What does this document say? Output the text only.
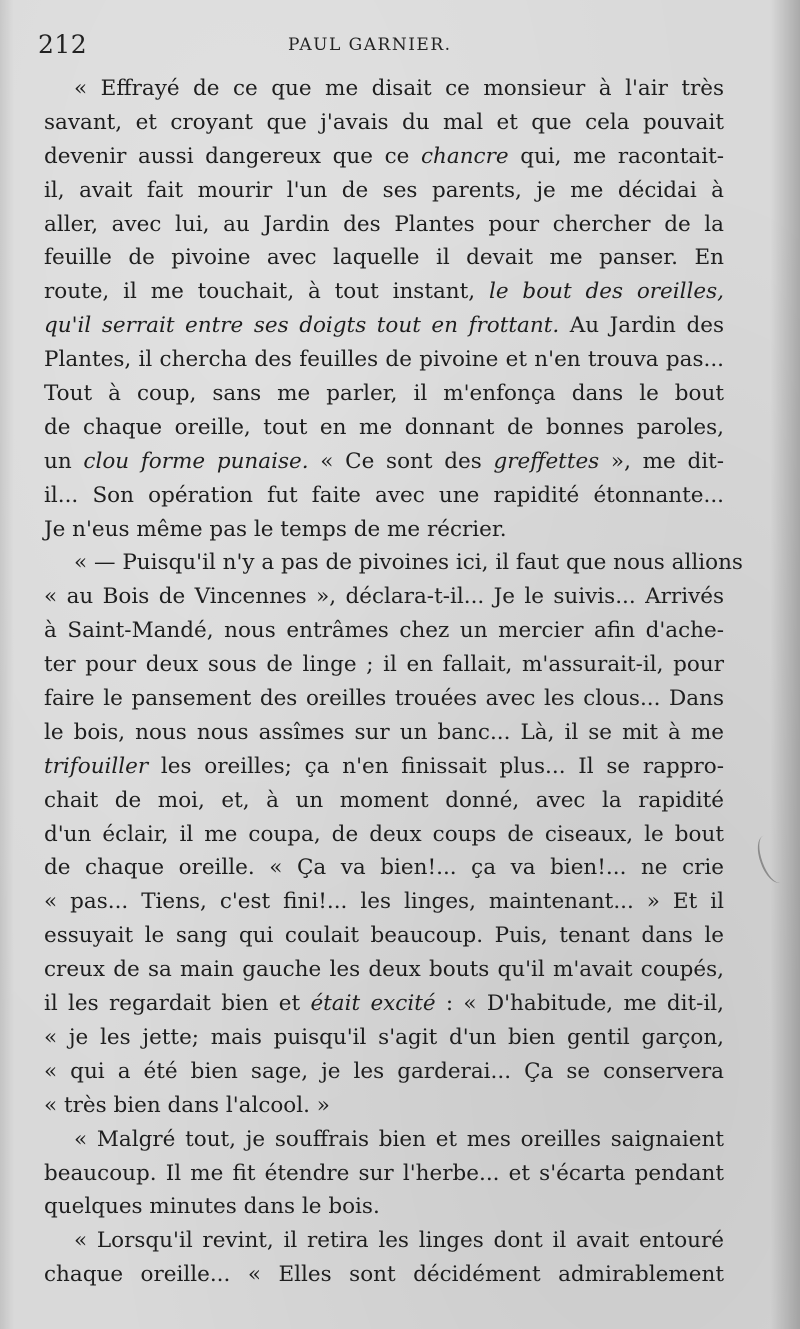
212	PAUL GARNIER.
« Effrayé de ce que me disait ce monsieur à l'air très
savant, et croyant que j'avais du mal et que cela pouvait
devenir aussi dangereux que ce chancre qui, me racontait-
il, avait fait mourir l'un de ses parents, je me décidai à
aller, avec lui, au Jardin des Plantes pour chercher de la
feuille de pivoine avec laquelle il devait me panser. En
route, il me touchait, à tout instant, le bout des oreilles,
qu'il serrait entre ses doigts tout en frottant. Au Jardin des
Plantes, il chercha des feuilles de pivoine et n'en trouva pas...
Tout à coup, sans me parler, il m'enfonça dans le bout
de chaque oreille, tout en me donnant de bonnes paroles,
un clou forme punaise. « Ce sont des greffettes », me dit-
il... Son opération fut faite avec une rapidité étonnante...
Je n'eus même pas le temps de me récrier.
« — Puisqu'il n'y a pas de pivoines ici, il faut que nous allions
« au Bois de Vincennes », déclara-t-il... Je le suivis... Arrivés
à Saint-Mandé, nous entrâmes chez un mercier afin d'ache-
ter pour deux sous de linge ; il en fallait, m'assurait-il, pour
faire le pansement des oreilles trouées avec les clous... Dans
le bois, nous nous assîmes sur un banc... Là, il se mit à me
trifouiller les oreilles; ça n'en finissait plus... Il se rappro-
chait de moi, et, à un moment donné, avec la rapidité
d'un éclair, il me coupa, de deux coups de ciseaux, le bout
de chaque oreille. « Ça va bien!... ça va bien!... ne crie
« pas... Tiens, c'est fini!... les linges, maintenant... » Et il
essuyait le sang qui coulait beaucoup. Puis, tenant dans le
creux de sa main gauche les deux bouts qu'il m'avait coupés,
il les regardait bien et était excité : « D'habitude, me dit-il,
« je les jette; mais puisqu'il s'agit d'un bien gentil garçon,
« qui a été bien sage, je les garderai... Ça se conservera
« très bien dans l'alcool. »
« Malgré tout, je souffrais bien et mes oreilles saignaient
beaucoup. Il me fit étendre sur l'herbe... et s'écarta pendant
quelques minutes dans le bois.
« Lorsqu'il revint, il retira les linges dont il avait entouré
chaque oreille... « Elles sont décidément admirablement
